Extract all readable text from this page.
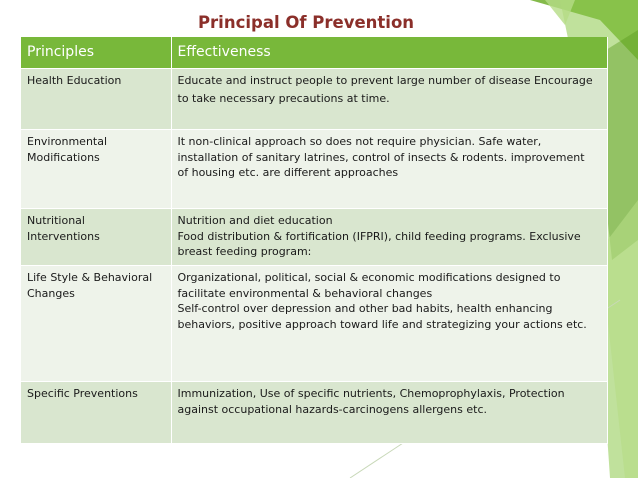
Principal Of Prevention
Principles	Effectiveness

Health Education	Educate and instruct people to prevent large number of disease Encourage
to take necessary precautions at time.

Environmental
Modifications	It non-clinical approach so does not require physician. Safe water,
installation of sanitary latrines, control of insects & rodents. improvement
of housing etc. are different approaches

Nutritional
Interventions	Nutrition and diet education
Food distribution & fortification (IFPRI), child feeding programs. Exclusive
breast feeding program:

Life Style & Behavioral
Changes	Organizational, political, social & economic modifications designed to
facilitate environmental & behavioral changes
Self-control over depression and other bad habits, health enhancing
behaviors, positive approach toward life and strategizing your actions etc.

Specific Preventions	Immunization, Use of specific nutrients, Chemoprophylaxis, Protection
against occupational hazards-carcinogens allergens etc.
